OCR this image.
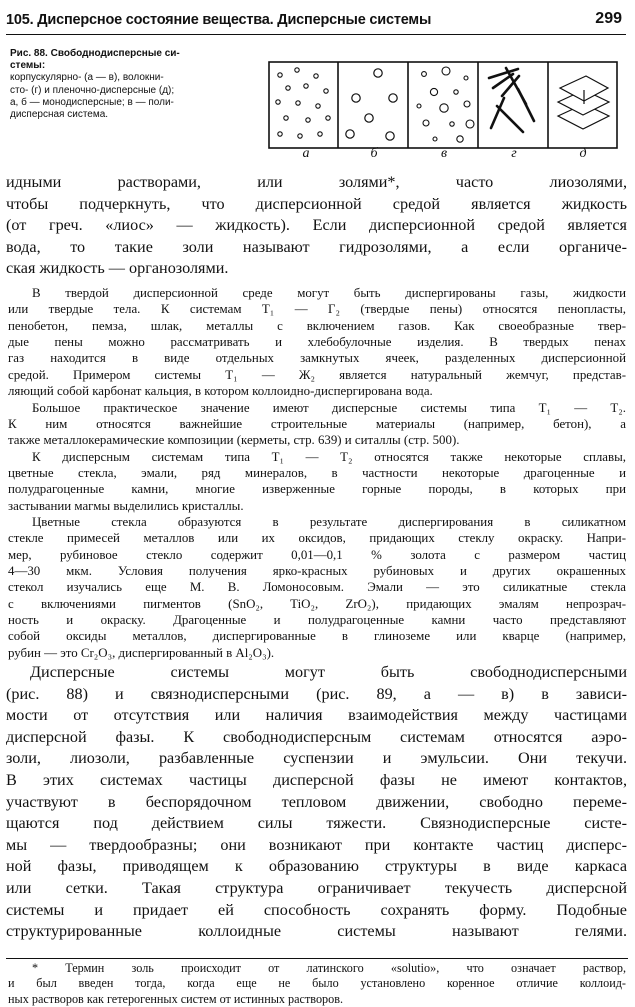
105. Дисперсное состояние вещества. Дисперсные системы	299
Рис. 88. Свободнодисперсные си-
стемы:
корпускулярно- (а — в), волокни-
сто- (г) и пленочно-дисперсные (д);
а, б — монодисперсные; в — поли-
дисперсная система.
а	б	в	г	д
идными растворами, или золями*, часто лиозолями,
чтобы подчеркнуть, что дисперсионной средой является жидкость
(от греч. «лиос» — жидкость). Если дисперсионной средой является
вода, то такие золи называют гидрозолями, а если органиче-
ская жидкость — органозолями.
В твердой дисперсионной среде могут быть диспергированы газы, жидкости
или твердые тела. К системам Т₁ — Г₂ (твердые пены) относятся пенопласты,
пенобетон, пемза, шлак, металлы с включением газов. Как своеобразные твер-
дые пены можно рассматривать и хлебобулочные изделия. В твердых пенах
газ находится в виде отдельных замкнутых ячеек, разделенных дисперсионной
средой. Примером системы Т₁ — Ж₂ является натуральный жемчуг, представ-
ляющий собой карбонат кальция, в котором коллоидно-диспергирована вода.
Большое практическое значение имеют дисперсные системы типа Т₁ — Т₂.
К ним относятся важнейшие строительные материалы (например, бетон), а
также металлокерамические композиции (керметы, стр. 639) и ситаллы (стр. 500).
К дисперсным системам типа Т₁ — Т₂ относятся также некоторые сплавы,
цветные стекла, эмали, ряд минералов, в частности некоторые драгоценные и
полудрагоценные камни, многие изверженные горные породы, в которых при
застывании магмы выделились кристаллы.
Цветные стекла образуются в результате диспергирования в силикатном
стекле примесей металлов или их оксидов, придающих стеклу окраску. Напри-
мер, рубиновое стекло содержит 0,01—0,1 % золота с размером частиц
4—30 мкм. Условия получения ярко-красных рубиновых и других окрашенных
стекол изучались еще М. В. Ломоносовым. Эмали — это силикатные стекла
с включениями пигментов (SnO₂, TiO₂, ZrO₂), придающих эмалям непрозрач-
ность и окраску. Драгоценные и полудрагоценные камни часто представляют
собой оксиды металлов, диспергированные в глиноземе или кварце (например,
рубин — это Cr₂O₃, диспергированный в Al₂O₃).
Дисперсные системы могут быть свободнодисперсными
(рис. 88) и связнодисперсными (рис. 89, а — в) в зависи-
мости от отсутствия или наличия взаимодействия между частицами
дисперсной фазы. К свободнодисперсным системам относятся аэро-
золи, лиозоли, разбавленные суспензии и эмульсии. Они текучи.
В этих системах частицы дисперсной фазы не имеют контактов,
участвуют в беспорядочном тепловом движении, свободно переме-
щаются под действием силы тяжести. Связнодисперсные систе-
мы — твердообразны; они возникают при контакте частиц дисперс-
ной фазы, приводящем к образованию структуры в виде каркаса
или сетки. Такая структура ограничивает текучесть дисперсной
системы и придает ей способность сохранять форму. Подобные
структурированные коллоидные системы называют гелями.
* Термин золь происходит от латинского «solutio», что означает раствор,
и был введен тогда, когда еще не было установлено коренное отличие коллоид-
ных растворов как гетерогенных систем от истинных растворов.
